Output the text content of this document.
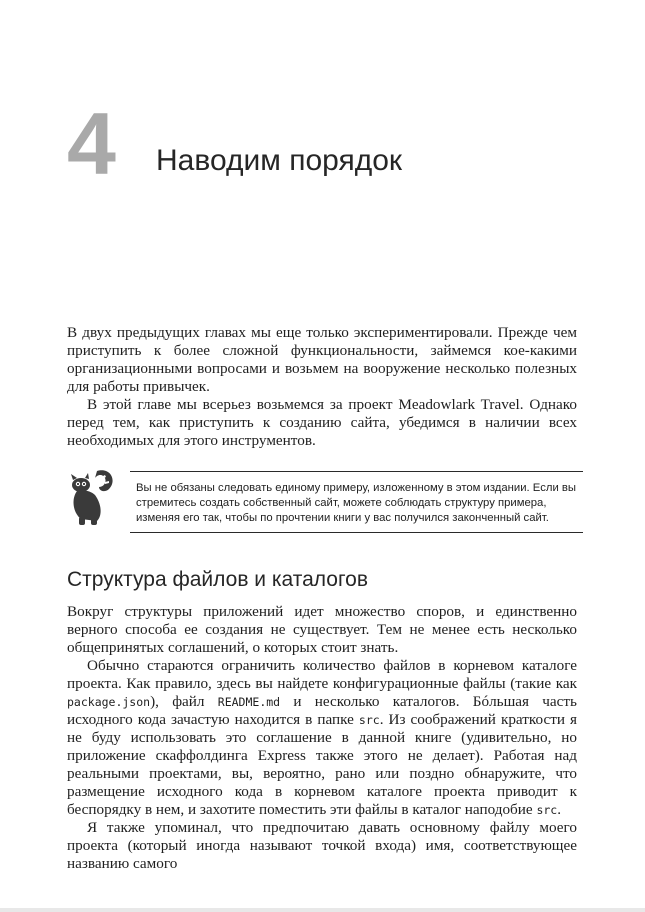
4 Наводим порядок

В двух предыдущих главах мы еще только экспериментировали. Прежде чем приступить к более сложной функциональности, займемся кое-какими организационными вопросами и возьмем на вооружение несколько полезных для работы привычек.

В этой главе мы всерьез возьмемся за проект Meadowlark Travel. Однако перед тем, как приступить к созданию сайта, убедимся в наличии всех необходимых для этого инструментов.

Вы не обязаны следовать единому примеру, изложенному в этом издании. Если вы стремитесь создать собственный сайт, можете соблюдать структуру примера, изменяя его так, чтобы по прочтении книги у вас получился законченный сайт.
Структура файлов и каталогов

Вокруг структуры приложений идет множество споров, и единственно верного способа ее создания не существует. Тем не менее есть несколько общепринятых соглашений, о которых стоит знать.

Обычно стараются ограничить количество файлов в корневом каталоге проекта. Как правило, здесь вы найдете конфигурационные файлы (такие как package.json), файл README.md и несколько каталогов. Бóльшая часть исходного кода зачастую находится в папке src. Из соображений краткости я не буду использовать это соглашение в данной книге (удивительно, но приложение скаффолдинга Express также этого не делает). Работая над реальными проектами, вы, вероятно, рано или поздно обнаружите, что размещение исходного кода в корневом каталоге проекта приводит к беспорядку в нем, и захотите поместить эти файлы в каталог наподобие src.

Я также упоминал, что предпочитаю давать основному файлу моего проекта (который иногда называют точкой входа) имя, соответствующее названию самого
